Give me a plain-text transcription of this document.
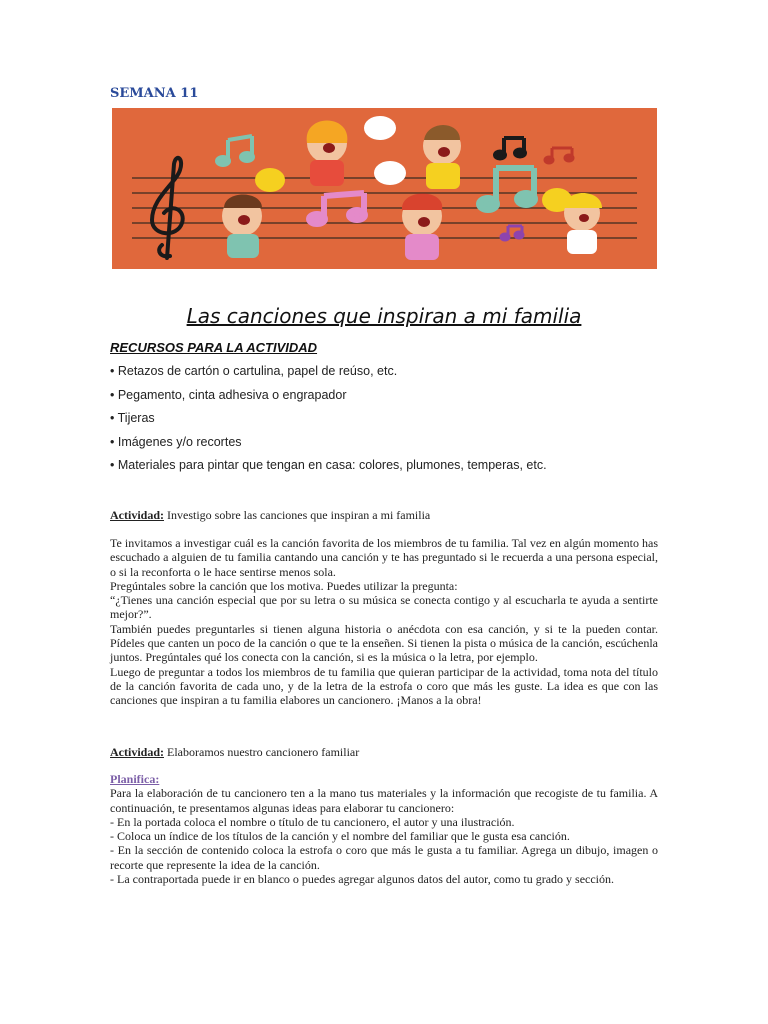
SEMANA 11
Las canciones que inspiran a mi familia
RECURSOS PARA LA ACTIVIDAD
• Retazos de cartón o cartulina, papel de reúso, etc.
• Pegamento, cinta adhesiva o engrapador
• Tijeras
• Imágenes y/o recortes
• Materiales para pintar que tengan en casa: colores, plumones, temperas, etc.
Actividad: Investigo sobre las canciones que inspiran a mi familia

Te invitamos a investigar cuál es la canción favorita de los miembros de tu familia. Tal vez en algún momento has escuchado a alguien de tu familia cantando una canción y te has preguntado si le recuerda a una persona especial, o si la reconforta o le hace sentirse menos sola.

Pregúntales sobre la canción que los motiva. Puedes utilizar la pregunta:

“¿Tienes una canción especial que por su letra o su música se conecta contigo y al escucharla te ayuda a sentirte mejor?”.

También puedes preguntarles si tienen alguna historia o anécdota con esa canción, y si te la pueden contar. Pídeles que canten un poco de la canción o que te la enseñen. Si tienen la pista o música de la canción, escúchenla juntos. Pregúntales qué los conecta con la canción, si es la música o la letra, por ejemplo.

Luego de preguntar a todos los miembros de tu familia que quieran participar de la actividad, toma nota del título de la canción favorita de cada uno, y de la letra de la estrofa o coro que más les guste. La idea es que con las canciones que inspiran a tu familia elabores un cancionero. ¡Manos a la obra!

Actividad: Elaboramos nuestro cancionero familiar

Planifica:

Para la elaboración de tu cancionero ten a la mano tus materiales y la información que recogiste de tu familia. A continuación, te presentamos algunas ideas para elaborar tu cancionero:

- En la portada coloca el nombre o título de tu cancionero, el autor y una ilustración.

- Coloca un índice de los títulos de la canción y el nombre del familiar que le gusta esa canción.

- En la sección de contenido coloca la estrofa o coro que más le gusta a tu familiar. Agrega un dibujo, imagen o recorte que represente la idea de la canción.

- La contraportada puede ir en blanco o puedes agregar algunos datos del autor, como tu grado y sección.
